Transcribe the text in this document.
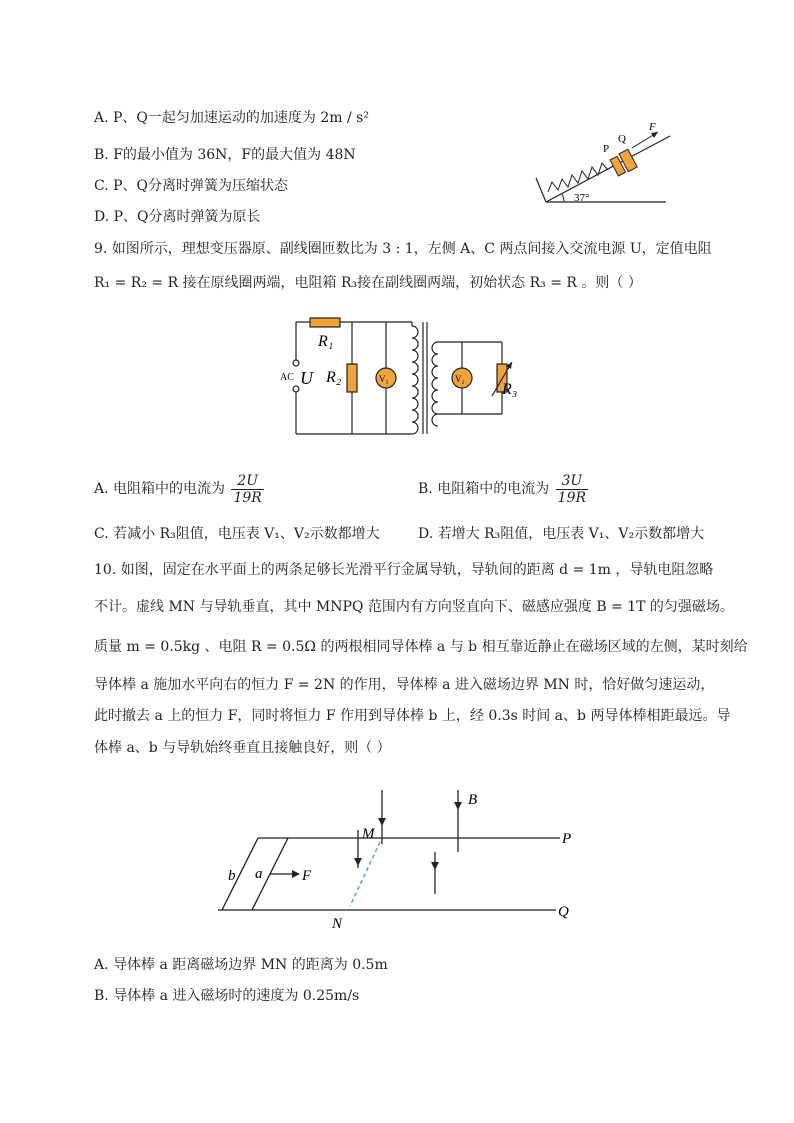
A. P、Q一起匀加速运动的加速度为 2m / s²
B. F的最小值为 36N，F的最大值为 48N
C. P、Q分离时弹簧为压缩状态
D. P、Q分离时弹簧为原长
P
Q
F
37°
9. 如图所示，理想变压器原、副线圈匝数比为 3 : 1，左侧 A、C 两点间接入交流电源 U，定值电阻
R₁ = R₂ = R 接在原线圈两端，电阻箱 R₃接在副线圈两端，初始状态 R₃ = R 。则（ ）
R₁
R₂	V₁	V₂
R₃
AC U
A. 电阻箱中的电流为 $\frac{2U}{19R}$	B. 电阻箱中的电流为 $\frac{3U}{19R}$
C. 若减小 R₃阻值，电压表 V₁、V₂示数都增大	D. 若增大 R₃阻值，电压表 V₁、V₂示数都增大
10. 如图，固定在水平面上的两条足够长光滑平行金属导轨，导轨间的距离 d = 1m ，导轨电阻忽略
不计。虚线 MN 与导轨垂直，其中 MNPQ 范围内有方向竖直向下、磁感应强度 B = 1T 的匀强磁场。
质量 m = 0.5kg 、电阻 R = 0.5Ω 的两根相同导体棒 a 与 b 相互靠近静止在磁场区域的左侧，某时刻给
导体棒 a 施加水平向右的恒力 F = 2N 的作用，导体棒 a 进入磁场边界 MN 时，恰好做匀速运动，
此时撤去 a 上的恒力 F，同时将恒力 F 作用到导体棒 b 上，经 0.3s 时间 a、b 两导体棒相距最远。导
体棒 a、b 与导轨始终垂直且接触良好，则（ ）
M
N
P
Q
B
b a	F
A. 导体棒 a 距离磁场边界 MN 的距离为 0.5m
B. 导体棒 a 进入磁场时的速度为 0.25m/s
